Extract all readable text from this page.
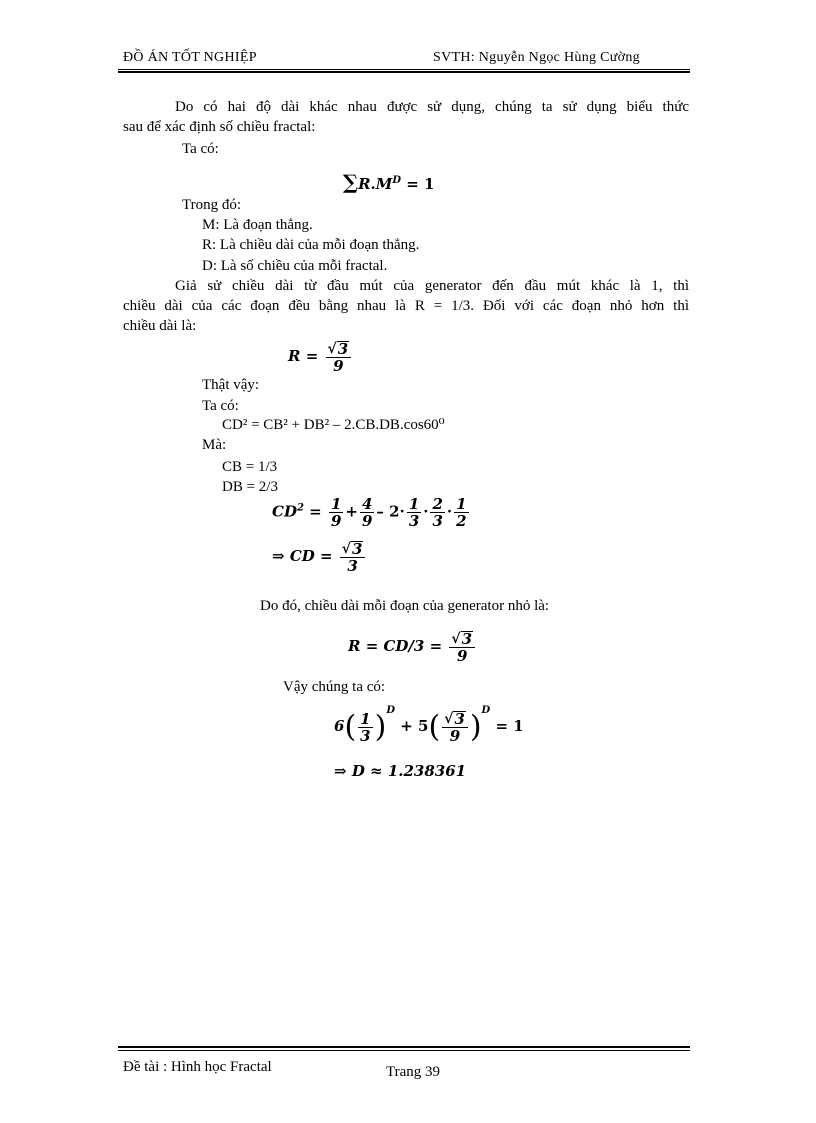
ĐỒ ÁN TỐT NGHIỆP	SVTH: Nguyễn Ngọc Hùng Cường
Do có hai độ dài khác nhau được sử dụng, chúng ta sử dụng biểu thức
sau để xác định số chiều fractal:
Ta có:
$\sum R.M^D = 1$
Trong đó:
M: Là đoạn thẳng.
R: Là chiều dài của mỗi đoạn thẳng.
D: Là số chiều của mỗi fractal.
Giả sử chiều dài từ đầu mút của generator đến đầu mút khác là 1, thì
chiều dài của các đoạn đều bằng nhau là R = 1/3. Đối với các đoạn nhỏ hơn thì
chiều dài là:
$R = \frac{√ 3}{9}$
Thật vậy:
Ta có:
CD² = CB² + DB² – 2.CB.DB.cos60⁰
Mà:
CB = 1/3
DB = 2/3
$CD^2 = \frac{1}{9} + \frac{4}{9} - 2\cdot \frac{1}{3} \cdot \frac{2}{3} \cdot \frac{1}{2}$
⇒ CD = $\frac{√ 3}{3}$
Do đó, chiều dài mỗi đoạn của generator nhỏ là:
$R = CD/3 = \frac{√ 3}{9}$
Vậy chúng ta có:
$6( \frac{1}{3} )^D + 5( \frac{√ 3}{9} )^D = 1$
⇒ D ≈ 1.238361
Đề tài : Hình học Fractal	Trang 39
